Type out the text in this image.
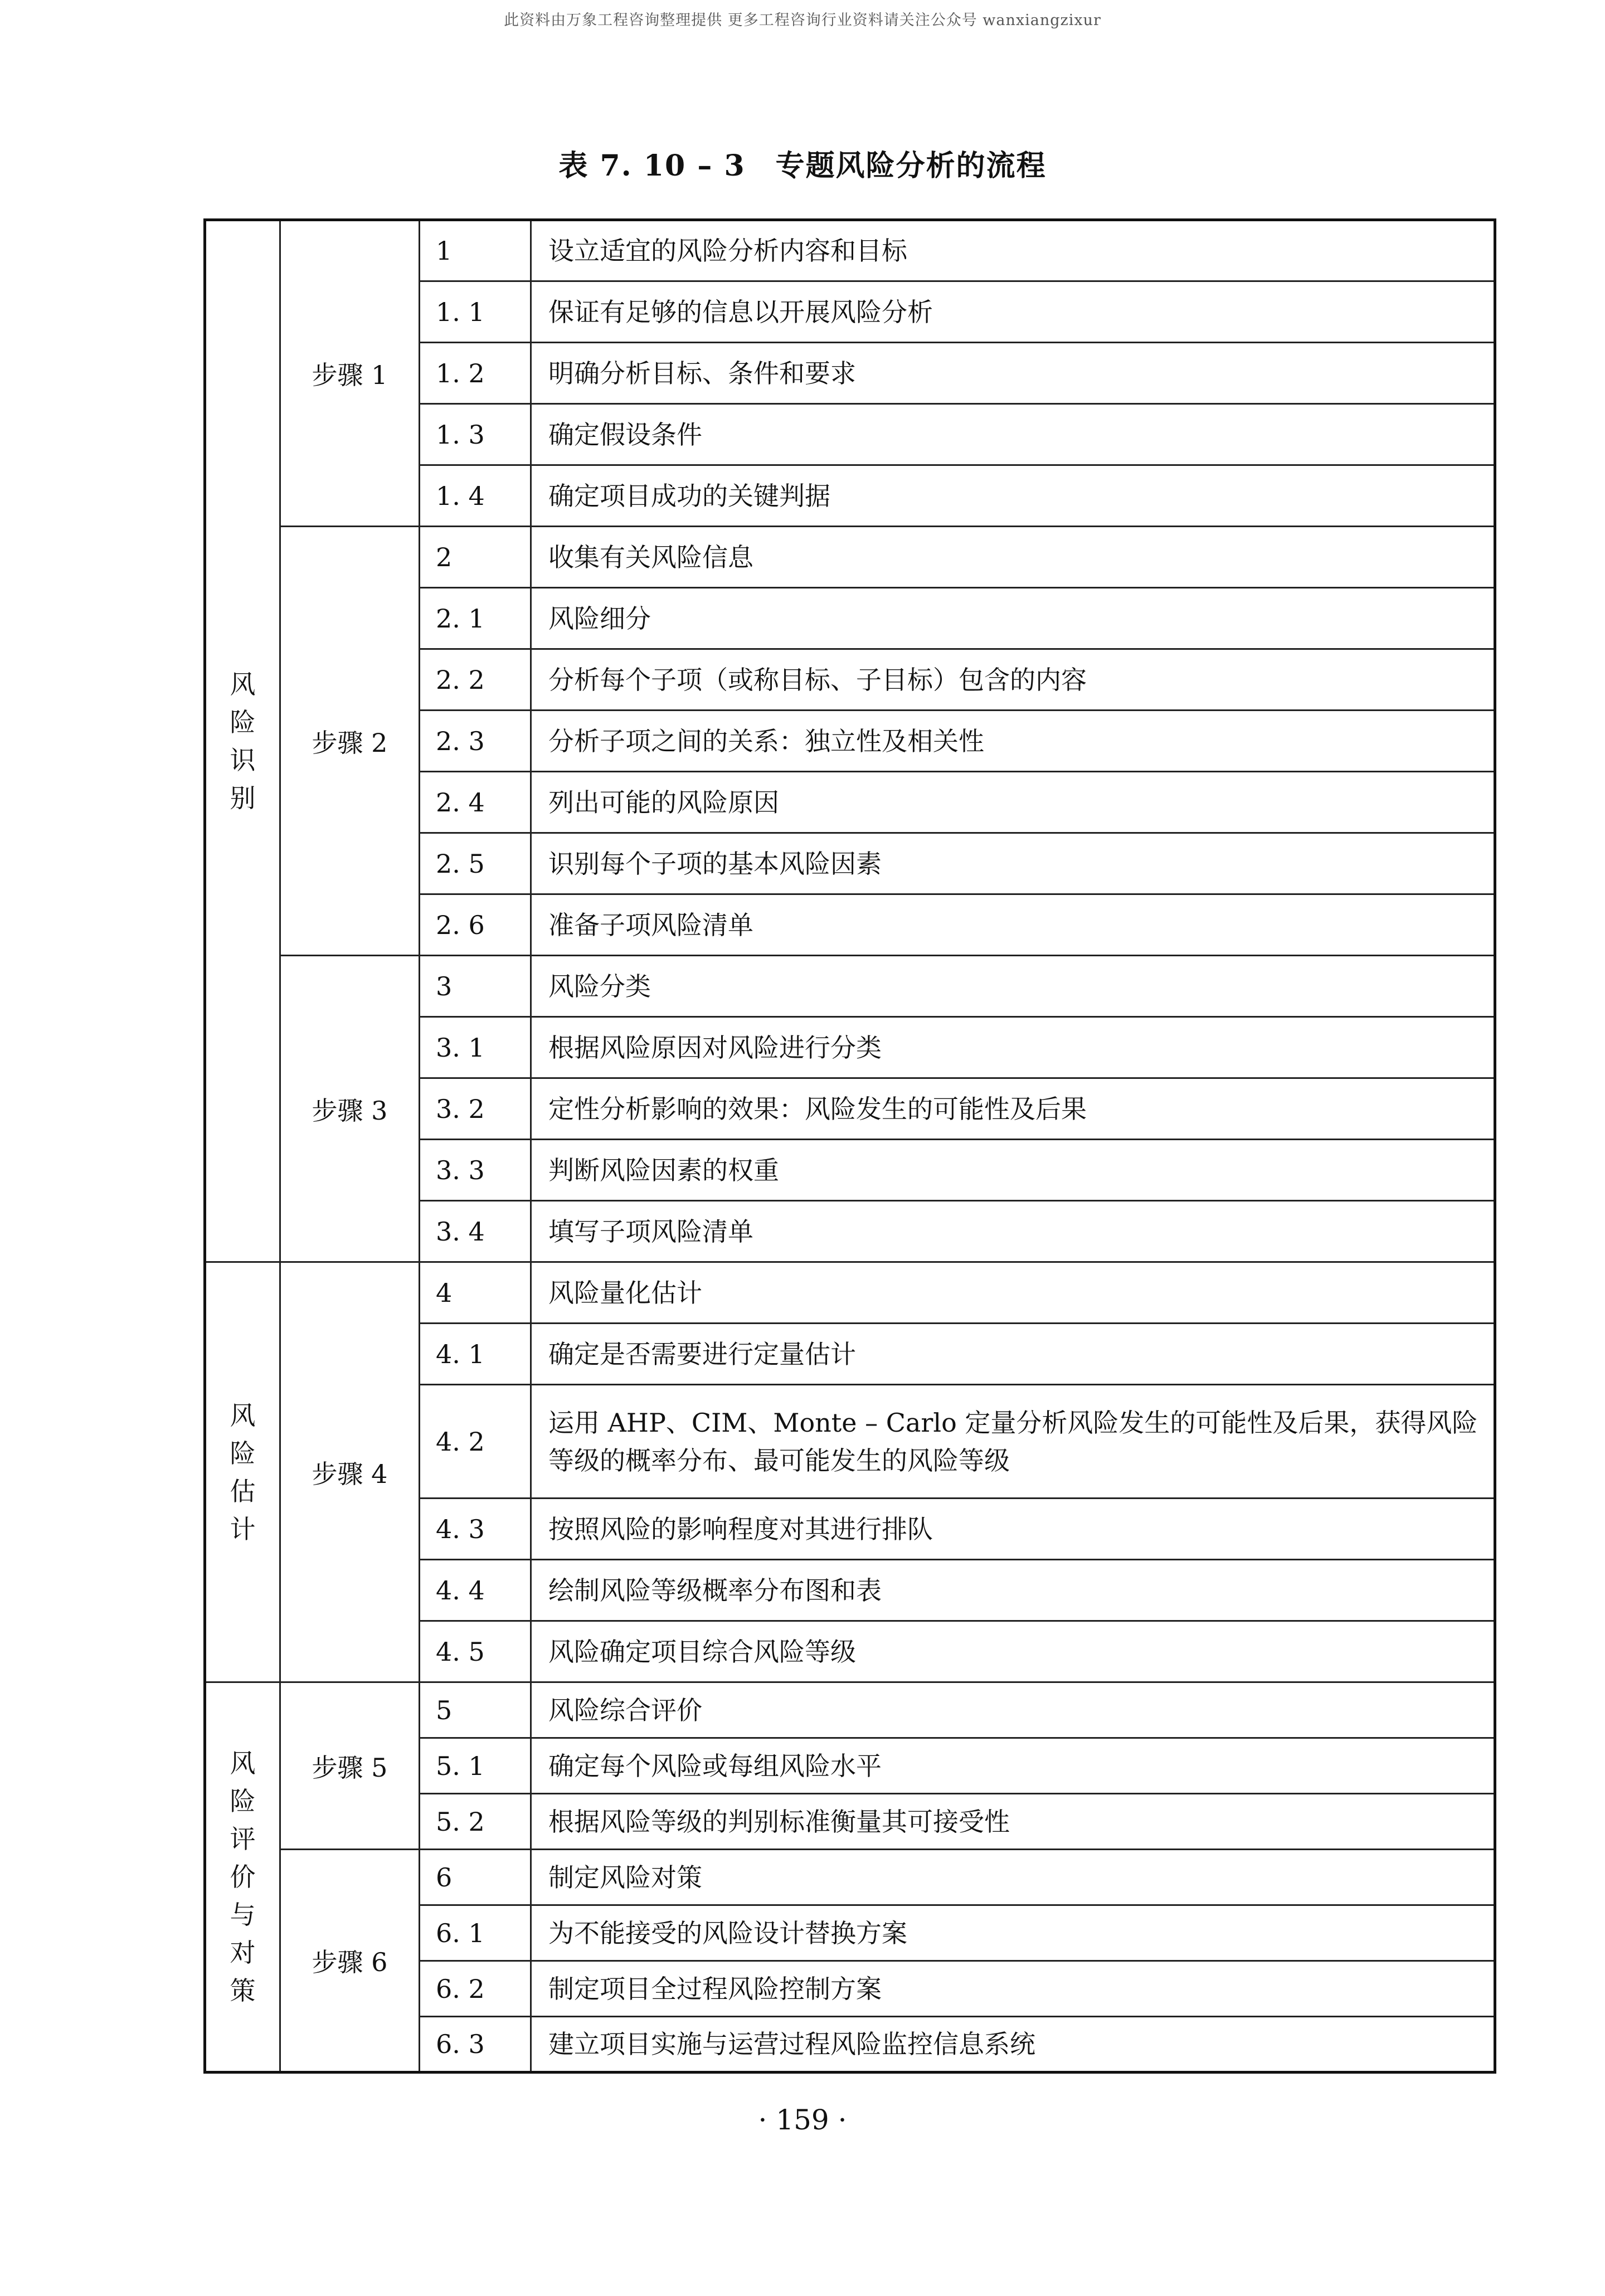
此资料由万象工程咨询整理提供 更多工程咨询行业资料请关注公众号 wanxiangzixur
表 7. 10 – 3　专题风险分析的流程
风险识别	步骤 1	1	设立适宜的风险分析内容和目标
		1. 1	保证有足够的信息以开展风险分析
		1. 2	明确分析目标、条件和要求
		1. 3	确定假设条件
		1. 4	确定项目成功的关键判据
	步骤 2	2	收集有关风险信息
		2. 1	风险细分
		2. 2	分析每个子项（或称目标、子目标）包含的内容
		2. 3	分析子项之间的关系：独立性及相关性
		2. 4	列出可能的风险原因
		2. 5	识别每个子项的基本风险因素
		2. 6	准备子项风险清单
	步骤 3	3	风险分类
		3. 1	根据风险原因对风险进行分类
		3. 2	定性分析影响的效果：风险发生的可能性及后果
		3. 3	判断风险因素的权重
		3. 4	填写子项风险清单

风险估计	步骤 4	4	风险量化估计
		4. 1	确定是否需要进行定量估计
		4. 2	运用 AHP、CIM、Monte – Carlo 定量分析风险发生的可能性及后果，获得风险等级的概率分布、最可能发生的风险等级
		4. 3	按照风险的影响程度对其进行排队
		4. 4	绘制风险等级概率分布图和表
		4. 5	风险确定项目综合风险等级

风险评价与对策	步骤 5	5	风险综合评价
		5. 1	确定每个风险或每组风险水平
		5. 2	根据风险等级的判别标准衡量其可接受性
	步骤 6	6	制定风险对策
		6. 1	为不能接受的风险设计替换方案
		6. 2	制定项目全过程风险控制方案
		6. 3	建立项目实施与运营过程风险监控信息系统
· 159 ·
